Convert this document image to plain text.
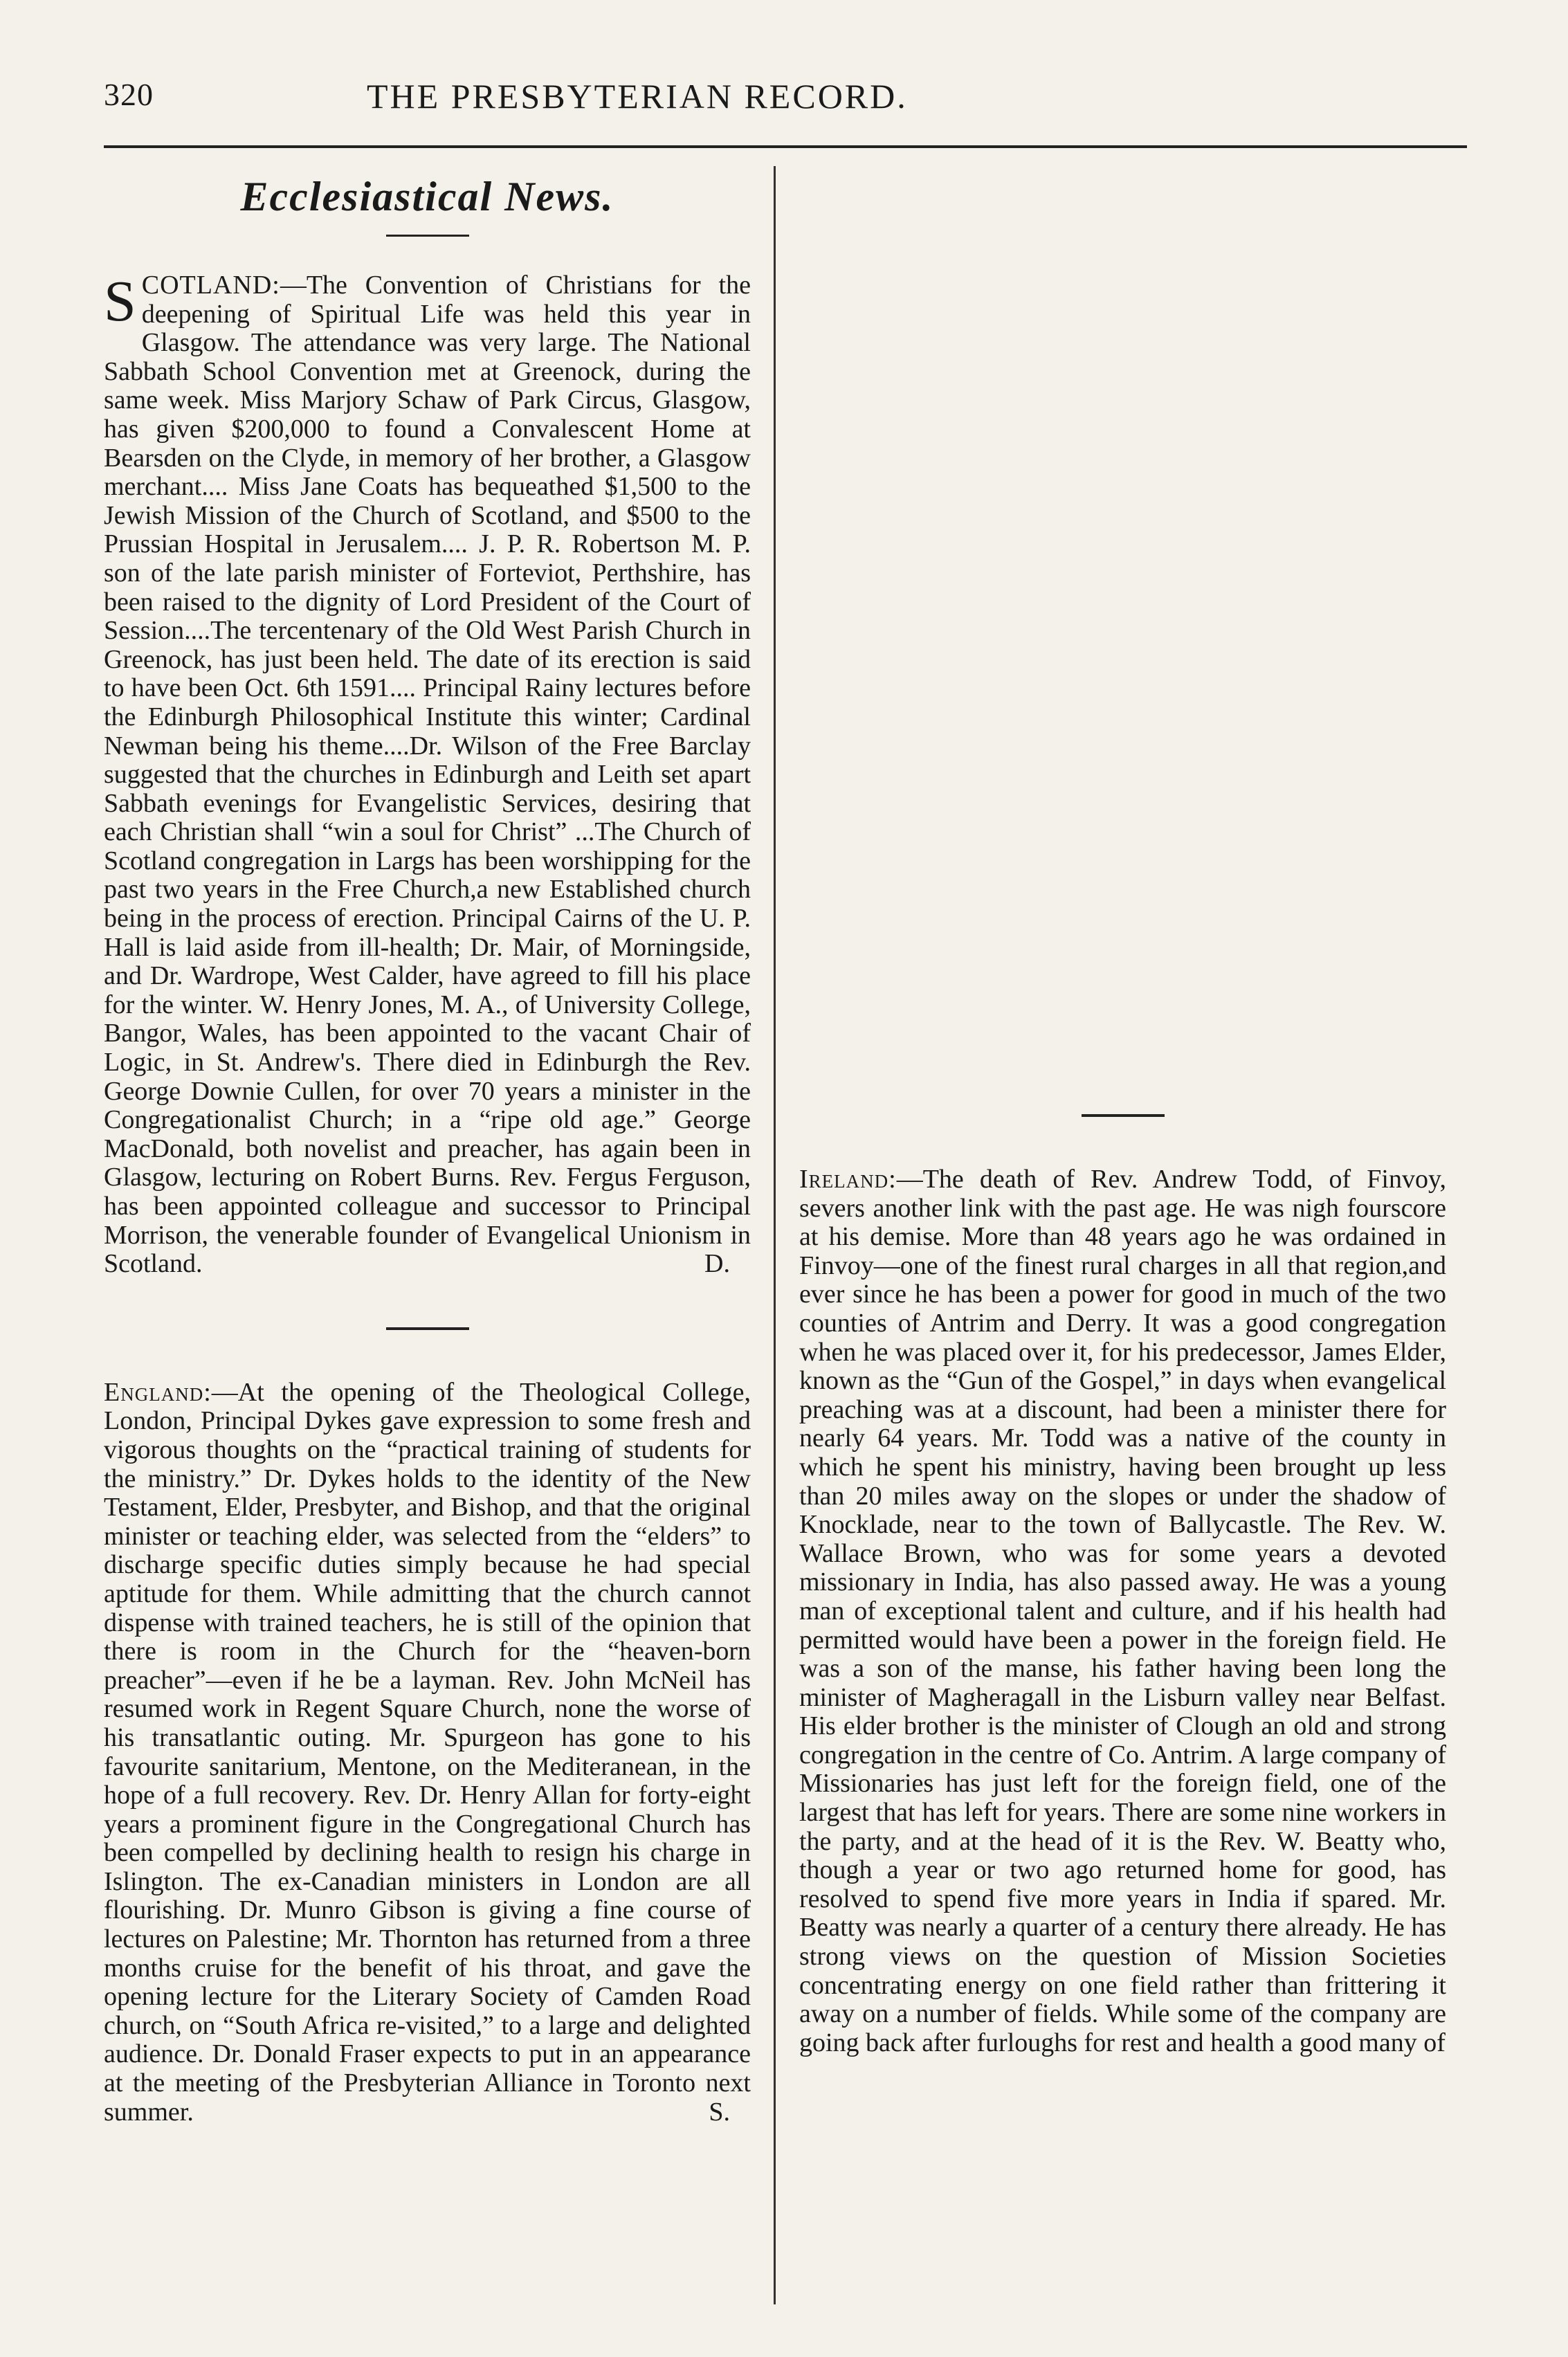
320	THE PRESBYTERIAN RECORD.
Ecclesiastical News.

SCOTLAND:—The Convention of Christians for the deepening of Spiritual Life was held this year in Glasgow. The attendance was very large. The National Sabbath School Convention met at Greenock, during the same week. Miss Marjory Schaw of Park Circus, Glasgow, has given $200,000 to found a Convalescent Home at Bearsden on the Clyde, in memory of her brother, a Glasgow merchant.... Miss Jane Coats has bequeathed $1,500 to the Jewish Mission of the Church of Scotland, and $500 to the Prussian Hospital in Jerusalem.... J. P. R. Robertson M. P. son of the late parish minister of Forteviot, Perthshire, has been raised to the dignity of Lord President of the Court of Session....The tercentenary of the Old West Parish Church in Greenock, has just been held. The date of its erection is said to have been Oct. 6th 1591.... Principal Rainy lectures before the Edinburgh Philosophical Institute this winter; Cardinal Newman being his theme....Dr. Wilson of the Free Barclay suggested that the churches in Edinburgh and Leith set apart Sabbath evenings for Evangelistic Services, desiring that each Christian shall “win a soul for Christ” ...The Church of Scotland congregation in Largs has been worshipping for the past two years in the Free Church,a new Established church being in the process of erection. Principal Cairns of the U. P. Hall is laid aside from ill-health; Dr. Mair, of Morningside, and Dr. Wardrope, West Calder, have agreed to fill his place for the winter. W. Henry Jones, M. A., of University College, Bangor, Wales, has been appointed to the vacant Chair of Logic, in St. Andrew's. There died in Edinburgh the Rev. George Downie Cullen, for over 70 years a minister in the Congregationalist Church; in a “ripe old age.” George MacDonald, both novelist and preacher, has again been in Glasgow, lecturing on Robert Burns. Rev. Fergus Ferguson, has been appointed colleague and successor to Principal Morrison, the venerable founder of Evangelical Unionism in Scotland.	D.

England:—At the opening of the Theological College, London, Principal Dykes gave expression to some fresh and vigorous thoughts on the “practical training of students for the ministry.” Dr. Dykes holds to the identity of the New Testament, Elder, Presbyter, and Bishop, and that the original minister or teaching elder, was selected from the “elders” to discharge specific duties simply because he had special aptitude for them. While admitting that the church cannot dispense with trained teachers, he is still of the opinion that there is room in the Church for the “heaven-born preacher”—even if he be a layman. Rev. John McNeil has resumed work in Regent Square Church, none the worse of his transatlantic outing. Mr. Spurgeon has gone to his favourite sanitarium, Mentone, on the Mediteranean, in the hope of a full recovery. Rev. Dr. Henry Allan for forty-eight years a prominent figure in the Congregational Church has been compelled by declining health to resign his charge in Islington. The ex-Canadian ministers in London are all flourishing. Dr. Munro Gibson is giving a fine course of lectures on Palestine; Mr. Thornton has returned from a three months cruise for the benefit of his throat, and gave the opening lecture for the Literary Society of Camden Road church, on “South Africa re-visited,” to a large and delighted audience. Dr. Donald Fraser expects to put in an appearance at the meeting of the Presbyterian Alliance in Toronto next summer.	S.

Ireland:—The death of Rev. Andrew Todd, of Finvoy, severs another link with the past age. He was nigh fourscore at his demise. More than 48 years ago he was ordained in Finvoy—one of the finest rural charges in all that region,and ever since he has been a power for good in much of the two counties of Antrim and Derry. It was a good congregation when he was placed over it, for his predecessor, James Elder, known as the “Gun of the Gospel,” in days when evangelical preaching was at a discount, had been a minister there for nearly 64 years. Mr. Todd was a native of the county in which he spent his ministry, having been brought up less than 20 miles away on the slopes or under the shadow of Knocklade, near to the town of Ballycastle. The Rev. W. Wallace Brown, who was for some years a devoted missionary in India, has also passed away. He was a young man of exceptional talent and culture, and if his health had permitted would have been a power in the foreign field. He was a son of the manse, his father having been long the minister of Magheragall in the Lisburn valley near Belfast. His elder brother is the minister of Clough an old and strong congregation in the centre of Co. Antrim. A large company of Missionaries has just left for the foreign field, one of the largest that has left for years. There are some nine workers in the party, and at the head of it is the Rev. W. Beatty who, though a year or two ago returned home for good, has resolved to spend five more years in India if spared. Mr. Beatty was nearly a quarter of a century there already. He has strong views on the question of Mission Societies concentrating energy on one field rather than frittering it away on a number of fields. While some of the company are going back after furloughs for rest and health a good many of
